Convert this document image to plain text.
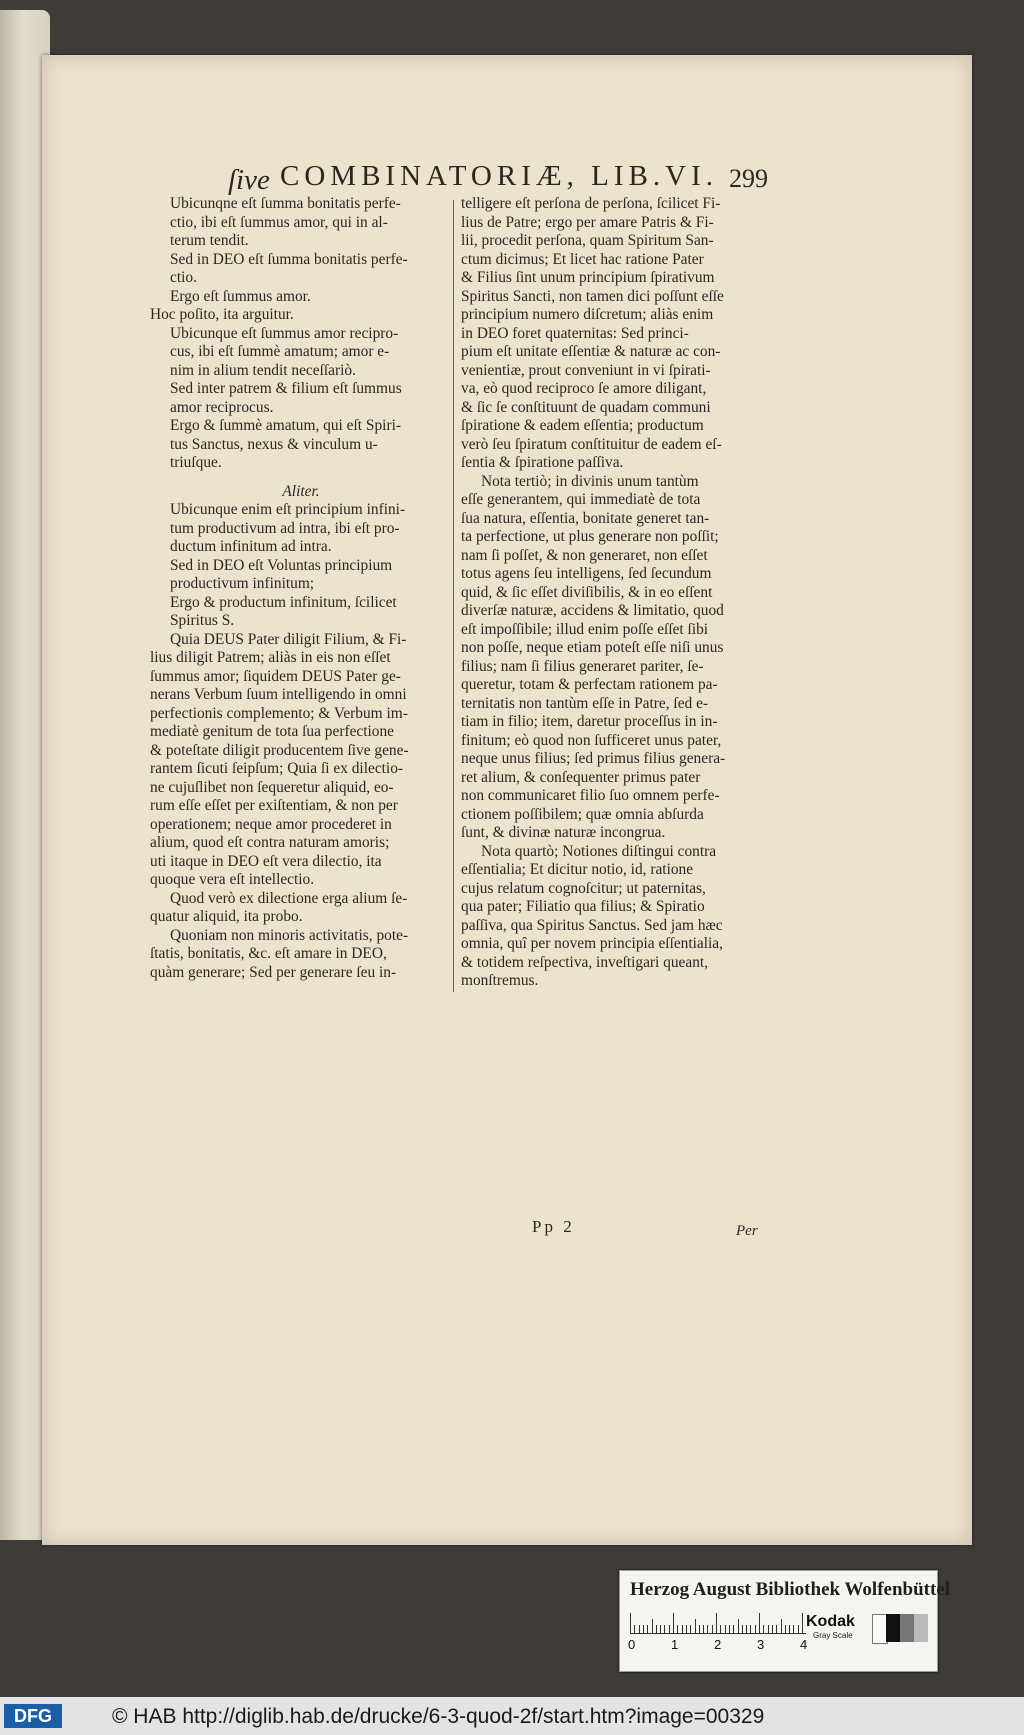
ſive COMBINATORIÆ, LIB.VI. 299
Ubicunqne eſt ſumma bonitatis perfe-
ctio, ibi eſt ſummus amor, qui in al-
terum tendit.
Sed in DEO eſt ſumma bonitatis perfe-
ctio.
Ergo eſt ſummus amor.
Hoc poſito, ita arguitur.
Ubicunque eſt ſummus amor recipro-
cus, ibi eſt ſummè amatum; amor e-
nim in alium tendit neceſſariò.
Sed inter patrem & filium eſt ſummus
amor reciprocus.
Ergo & ſummè amatum, qui eſt Spiri-
tus Sanctus, nexus & vinculum u-
triuſque.
Aliter.
Ubicunque enim eſt principium infini-
tum productivum ad intra, ibi eſt pro-
ductum infinitum ad intra.
Sed in DEO eſt Voluntas principium
productivum infinitum;
Ergo & productum infinitum, ſcilicet
Spiritus S.
Quia DEUS Pater diligit Filium, & Fi-
lius diligit Patrem; aliàs in eis non eſſet
ſummus amor; ſiquidem DEUS Pater ge-
nerans Verbum ſuum intelligendo in omni
perfectionis complemento; & Verbum im-
mediatè genitum de tota ſua perfectione
& poteſtate diligit producentem ſive gene-
rantem ſicuti ſeipſum; Quia ſi ex dilectio-
ne cujuſlibet non ſequeretur aliquid, eo-
rum eſſe eſſet per exiſtentiam, & non per
operationem; neque amor procederet in
alium, quod eſt contra naturam amoris;
uti itaque in DEO eſt vera dilectio, ita
quoque vera eſt intellectio.
Quod verò ex dilectione erga alium ſe-
quatur aliquid, ita probo.
Quoniam non minoris activitatis, pote-
ſtatis, bonitatis, &c. eſt amare in DEO,
quàm generare; Sed per generare ſeu in-
telligere eſt perſona de perſona, ſcilicet Fi-
lius de Patre; ergo per amare Patris & Fi-
lii, procedit perſona, quam Spiritum San-
ctum dicimus; Et licet hac ratione Pater
& Filius ſint unum principium ſpirativum
Spiritus Sancti, non tamen dici poſſunt eſſe
principium numero diſcretum; aliàs enim
in DEO foret quaternitas: Sed princi-
pium eſt unitate eſſentiæ & naturæ ac con-
venientiæ, prout conveniunt in vi ſpirati-
va, eò quod reciproco ſe amore diligant,
& ſic ſe conſtituunt de quadam communi
ſpiratione & eadem eſſentia; productum
verò ſeu ſpiratum conſtituitur de eadem eſ-
ſentia & ſpiratione paſſiva.
Nota tertiò; in divinis unum tantùm
eſſe generantem, qui immediatè de tota
ſua natura, eſſentia, bonitate generet tan-
ta perfectione, ut plus generare non poſſit;
nam ſi poſſet, & non generaret, non eſſet
totus agens ſeu intelligens, ſed ſecundum
quid, & ſic eſſet diviſibilis, & in eo eſſent
diverſæ naturæ, accidens & limitatio, quod
eſt impoſſibile; illud enim poſſe eſſet ſibi
non poſſe, neque etiam poteſt eſſe niſi unus
filius; nam ſi filius generaret pariter, ſe-
queretur, totam & perfectam rationem pa-
ternitatis non tantùm eſſe in Patre, ſed e-
tiam in filio; item, daretur proceſſus in in-
finitum; eò quod non ſufficeret unus pater,
neque unus filius; ſed primus filius genera-
ret alium, & conſequenter primus pater
non communicaret filio ſuo omnem perfe-
ctionem poſſibilem; quæ omnia abſurda
ſunt, & divinæ naturæ incongrua.
Nota quartò; Notiones diſtingui contra
eſſentialia; Et dicitur notio, id, ratione
cujus relatum cognoſcitur; ut paternitas,
qua pater; Filiatio qua filius; & Spiratio
paſſiva, qua Spiritus Sanctus. Sed jam hæc
omnia, quî per novem principia eſſentialia,
& totidem reſpectiva, inveſtigari queant,
monſtremus.
Pp 2	Per
Herzog August Bibliothek Wolfenbüttel
0	1	2	3	4
Kodak
Gray Scale
DFG	© HAB http://diglib.hab.de/drucke/6-3-quod-2f/start.htm?image=00329
